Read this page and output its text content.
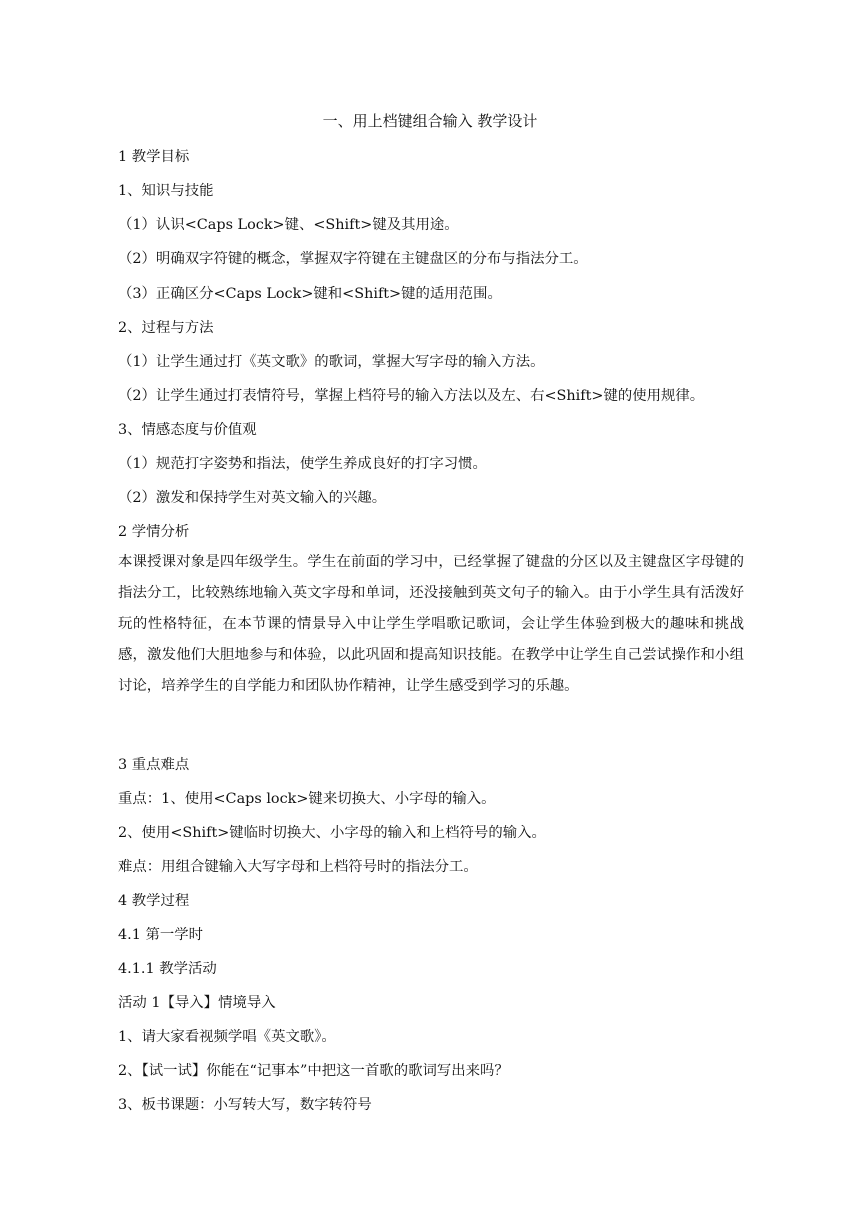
一、用上档键组合输入 教学设计
1 教学目标
1、知识与技能
（1）认识<Caps Lock>键、<Shift>键及其用途。
（2）明确双字符键的概念，掌握双字符键在主键盘区的分布与指法分工。
（3）正确区分<Caps Lock>键和<Shift>键的适用范围。
2、过程与方法
（1）让学生通过打《英文歌》的歌词，掌握大写字母的输入方法。
（2）让学生通过打表情符号，掌握上档符号的输入方法以及左、右<Shift>键的使用规律。
3、情感态度与价值观
（1）规范打字姿势和指法，使学生养成良好的打字习惯。
（2）激发和保持学生对英文输入的兴趣。
2 学情分析

本课授课对象是四年级学生。学生在前面的学习中，已经掌握了键盘的分区以及主键盘区字母键的指法分工，比较熟练地输入英文字母和单词，还没接触到英文句子的输入。由于小学生具有活泼好玩的性格特征，在本节课的情景导入中让学生学唱歌记歌词，会让学生体验到极大的趣味和挑战感，激发他们大胆地参与和体验，以此巩固和提高知识技能。在教学中让学生自己尝试操作和小组讨论，培养学生的自学能力和团队协作精神，让学生感受到学习的乐趣。

3 重点难点
重点：1、使用<Caps lock>键来切换大、小字母的输入。
2、使用<Shift>键临时切换大、小字母的输入和上档符号的输入。
难点：用组合键输入大写字母和上档符号时的指法分工。
4 教学过程
4.1 第一学时
4.1.1 教学活动
活动 1【导入】情境导入
1、请大家看视频学唱《英文歌》。
2、【试一试】你能在“记事本”中把这一首歌的歌词写出来吗？
3、板书课题：小写转大写，数字转符号
